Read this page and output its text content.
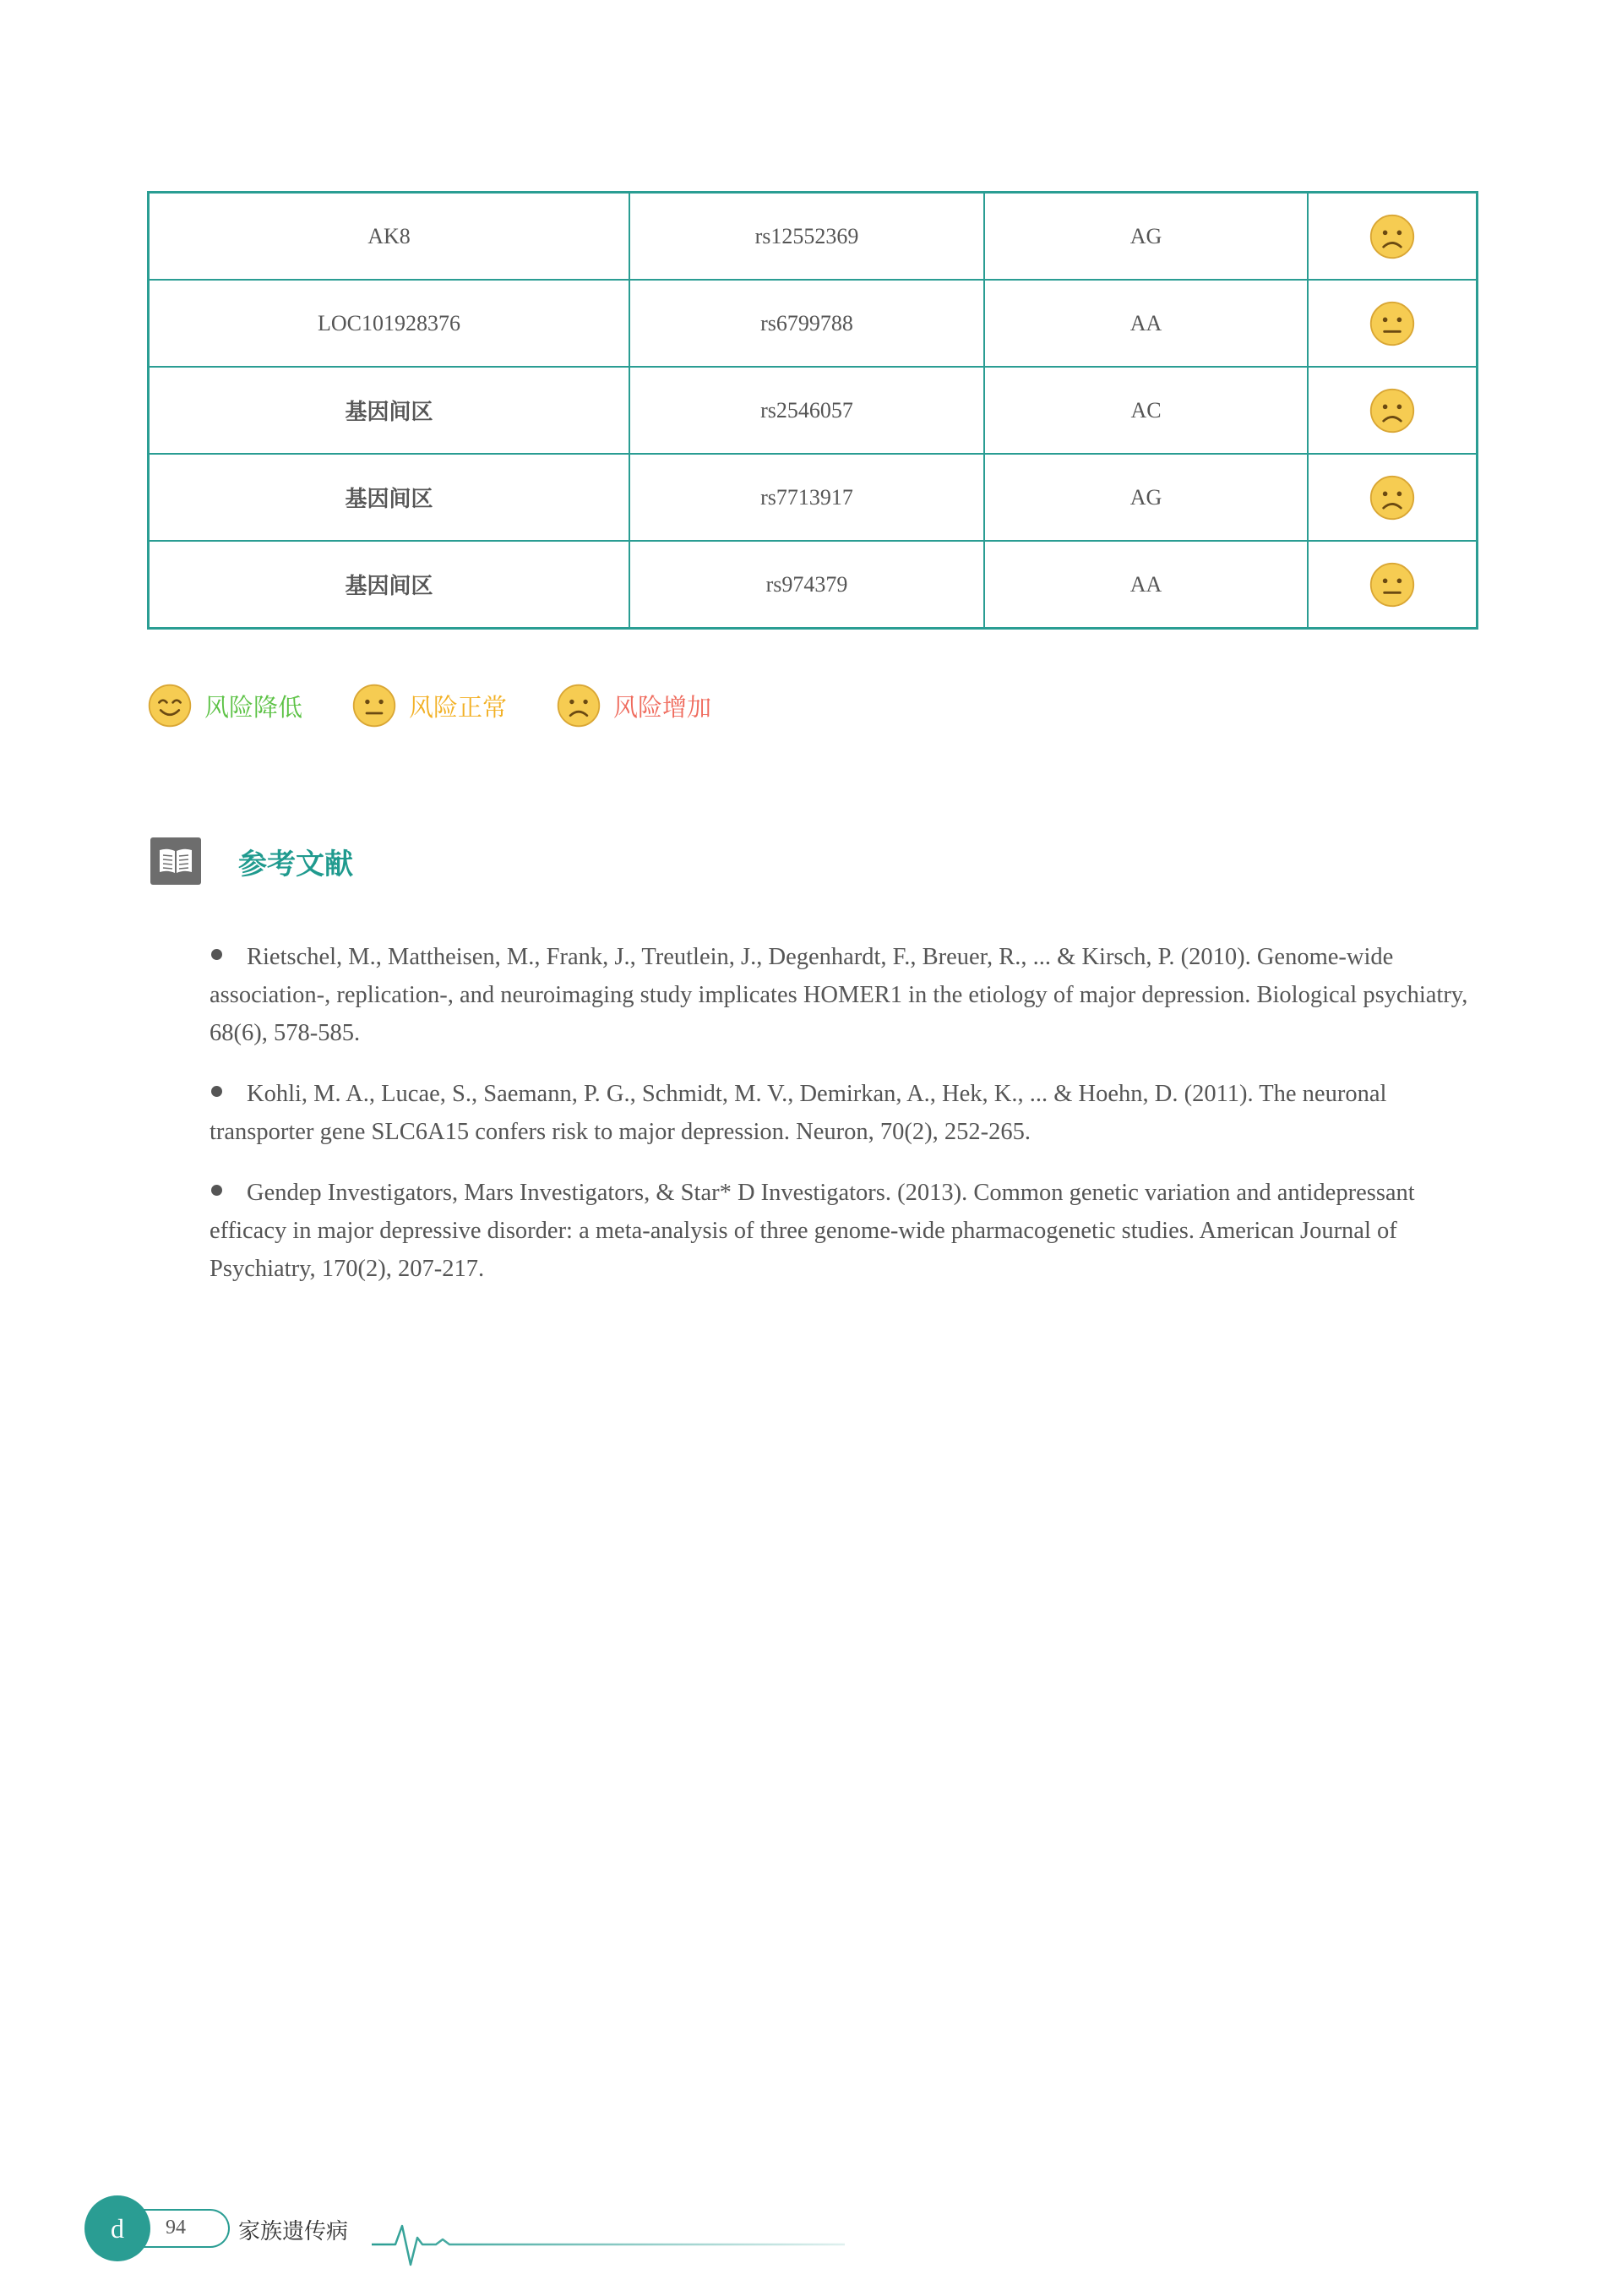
AK8	rs12552369	AG	
LOC101928376	rs6799788	AA	
基因间区	rs2546057	AC	
基因间区	rs7713917	AG	
基因间区	rs974379	AA	
风险降低	风险正常	风险增加
参考文献
Rietschel, M., Mattheisen, M., Frank, J., Treutlein, J., Degenhardt, F., Breuer, R., ... & Kirsch, P. (2010). Genome-wide association-, replication-, and neuroimaging study implicates HOMER1 in the etiology of major depression. Biological psychiatry, 68(6), 578-585.
Kohli, M. A., Lucae, S., Saemann, P. G., Schmidt, M. V., Demirkan, A., Hek, K., ... & Hoehn, D. (2011). The neuronal transporter gene SLC6A15 confers risk to major depression. Neuron, 70(2), 252-265.
Gendep Investigators, Mars Investigators, & Star* D Investigators. (2013). Common genetic variation and antidepressant efficacy in major depressive disorder: a meta-analysis of three genome-wide pharmacogenetic studies. American Journal of Psychiatry, 170(2), 207-217.
d 94 家族遗传病
